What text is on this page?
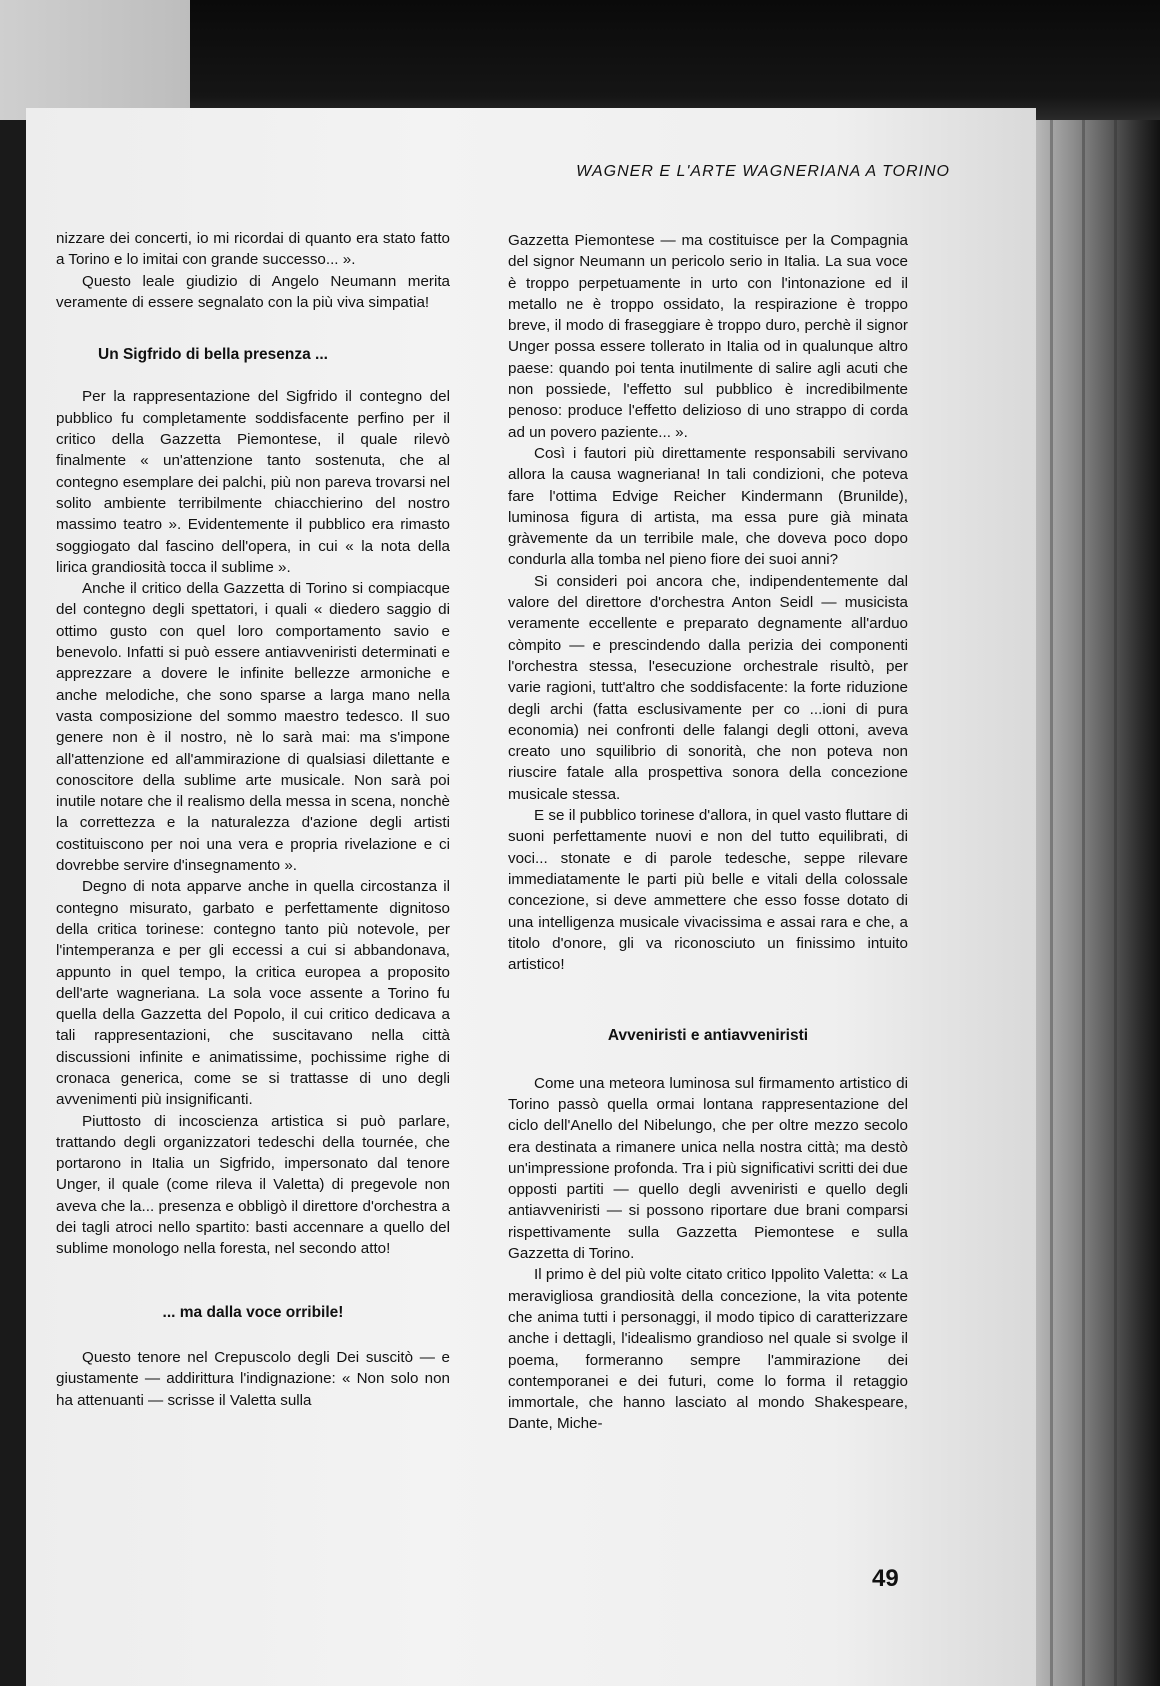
WAGNER E L'ARTE WAGNERIANA A TORINO

nizzare dei concerti, io mi ricordai di quanto era stato fatto a Torino e lo imitai con grande successo... ».

Questo leale giudizio di Angelo Neumann merita veramente di essere segnalato con la più viva simpatia!

Un Sigfrido di bella presenza ...

Per la rappresentazione del Sigfrido il contegno del pubblico fu completamente soddisfacente perfino per il critico della Gazzetta Piemontese, il quale rilevò finalmente « un'attenzione tanto sostenuta, che al contegno esemplare dei palchi, più non pareva trovarsi nel solito ambiente terribilmente chiacchierino del nostro massimo teatro ». Evidentemente il pubblico era rimasto soggiogato dal fascino dell'opera, in cui « la nota della lirica grandiosità tocca il sublime ».

Anche il critico della Gazzetta di Torino si compiacque del contegno degli spettatori, i quali « diedero saggio di ottimo gusto con quel loro comportamento savio e benevolo. Infatti si può essere antiavveniristi determinati e apprezzare a dovere le infinite bellezze armoniche e anche melodiche, che sono sparse a larga mano nella vasta composizione del sommo maestro tedesco. Il suo genere non è il nostro, nè lo sarà mai: ma s'impone all'attenzione ed all'ammirazione di qualsiasi dilettante e conoscitore della sublime arte musicale. Non sarà poi inutile notare che il realismo della messa in scena, nonchè la correttezza e la naturalezza d'azione degli artisti costituiscono per noi una vera e propria rivelazione e ci dovrebbe servire d'insegnamento ».

Degno di nota apparve anche in quella circostanza il contegno misurato, garbato e perfettamente dignitoso della critica torinese: contegno tanto più notevole, per l'intemperanza e per gli eccessi a cui si abbandonava, appunto in quel tempo, la critica europea a proposito dell'arte wagneriana. La sola voce assente a Torino fu quella della Gazzetta del Popolo, il cui critico dedicava a tali rappresentazioni, che suscitavano nella città discussioni infinite e animatissime, pochissime righe di cronaca generica, come se si trattasse di uno degli avvenimenti più insignificanti.

Piuttosto di incoscienza artistica si può parlare, trattando degli organizzatori tedeschi della tournée, che portarono in Italia un Sigfrido, impersonato dal tenore Unger, il quale (come rileva il Valetta) di pregevole non aveva che la... presenza e obbligò il direttore d'orchestra a dei tagli atroci nello spartito: basti accennare a quello del sublime monologo nella foresta, nel secondo atto!

... ma dalla voce orribile!

Questo tenore nel Crepuscolo degli Dei suscitò — e giustamente — addirittura l'indignazione: « Non solo non ha attenuanti — scrisse il Valetta sulla

Gazzetta Piemontese — ma costituisce per la Compagnia del signor Neumann un pericolo serio in Italia. La sua voce è troppo perpetuamente in urto con l'intonazione ed il metallo ne è troppo ossidato, la respirazione è troppo breve, il modo di fraseggiare è troppo duro, perchè il signor Unger possa essere tollerato in Italia od in qualunque altro paese: quando poi tenta inutilmente di salire agli acuti che non possiede, l'effetto sul pubblico è incredibilmente penoso: produce l'effetto delizioso di uno strappo di corda ad un povero paziente... ».

Così i fautori più direttamente responsabili servivano allora la causa wagneriana! In tali condizioni, che poteva fare l'ottima Edvige Reicher Kindermann (Brunilde), luminosa figura di artista, ma essa pure già minata gràvemente da un terribile male, che doveva poco dopo condurla alla tomba nel pieno fiore dei suoi anni?

Si consideri poi ancora che, indipendentemente dal valore del direttore d'orchestra Anton Seidl — musicista veramente eccellente e preparato degnamente all'arduo còmpito — e prescindendo dalla perizia dei componenti l'orchestra stessa, l'esecuzione orchestrale risultò, per varie ragioni, tutt'altro che soddisfacente: la forte riduzione degli archi (fatta esclusivamente per co ...ioni di pura economia) nei confronti delle falangi degli ottoni, aveva creato uno squilibrio di sonorità, che non poteva non riuscire fatale alla prospettiva sonora della concezione musicale stessa.

E se il pubblico torinese d'allora, in quel vasto fluttare di suoni perfettamente nuovi e non del tutto equilibrati, di voci... stonate e di parole tedesche, seppe rilevare immediatamente le parti più belle e vitali della colossale concezione, si deve ammettere che esso fosse dotato di una intelligenza musicale vivacissima e assai rara e che, a titolo d'onore, gli va riconosciuto un finissimo intuito artistico!

Avveniristi e antiavveniristi

Come una meteora luminosa sul firmamento artistico di Torino passò quella ormai lontana rappresentazione del ciclo dell'Anello del Nibelungo, che per oltre mezzo secolo era destinata a rimanere unica nella nostra città; ma destò un'impressione profonda. Tra i più significativi scritti dei due opposti partiti — quello degli avveniristi e quello degli antiavveniristi — si possono riportare due brani comparsi rispettivamente sulla Gazzetta Piemontese e sulla Gazzetta di Torino.

Il primo è del più volte citato critico Ippolito Valetta: « La meravigliosa grandiosità della concezione, la vita potente che anima tutti i personaggi, il modo tipico di caratterizzare anche i dettagli, l'idealismo grandioso nel quale si svolge il poema, formeranno sempre l'ammirazione dei contemporanei e dei futuri, come lo forma il retaggio immortale, che hanno lasciato al mondo Shakespeare, Dante, Miche-

49
